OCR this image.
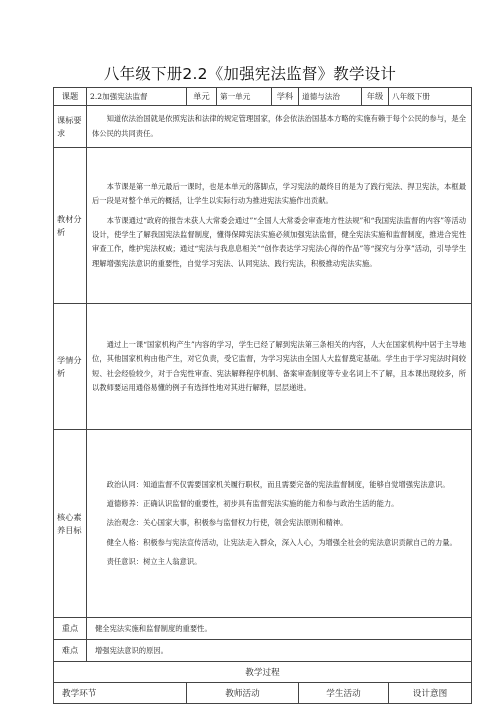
八年级下册2.2《加强宪法监督》教学设计
课题	2.2加强宪法监督	单元	第一单元	学科	道德与法治	年级	八年级下册
课标要求	知道依法治国就是依照宪法和法律的规定管理国家，体会依法治国基本方略的实施有赖于每个公民的参与，是全体公民的共同责任。						

教材分析	本节课是第一单元最后一课时，也是本单元的落脚点，学习宪法的最终目的是为了践行宪法、捍卫宪法，本框最后一段是对整个单元的概括，让学生以实际行动为推进宪法实施作出贡献。

本节课通过“政府的报告未获人大常委会通过”“全国人大常委会审查地方性法规”和“我国宪法监督的内容”等活动设计，使学生了解我国宪法监督制度，懂得保障宪法实施必须加强宪法监督，健全宪法实施和监督制度，推进合宪性审查工作，维护宪法权威；通过“宪法与我息息相关”“创作表达学习宪法心得的作品”等“探究与分享”活动，引导学生理解增强宪法意识的重要性，自觉学习宪法、认同宪法、践行宪法，积极推动宪法实施。						

学情分析	通过上一课“国家机构产生”内容的学习，学生已经了解到宪法第三条相关的内容，人大在国家机构中居于主导地位，其他国家机构由他产生，对它负责，受它监督，为学习宪法由全国人大监督奠定基础。学生由于学习宪法时间较短、社会经验较少，对于合宪性审查、宪法解释程序机制、备案审查制度等专业名词上不了解，且本课出现较多，所以教师要运用通俗易懂的例子有选择性地对其进行解释，层层递进。						

核心素养目标	政治认同：知道监督不仅需要国家机关履行职权，而且需要完备的宪法监督制度，能够自觉增强宪法意识。

道德修养：正确认识监督的重要性，初步具有监督宪法实施的能力和参与政治生活的能力。

法治观念：关心国家大事，积极参与监督权力行使，领会宪法原则和精神。

健全人格：积极参与宪法宣传活动，让宪法走入群众，深入人心，为增强全社会的宪法意识贡献自己的力量。

责任意识：树立主人翁意识。						

重点	健全宪法实施和监督制度的重要性。						
难点	增强宪法意识的原因。						
教学过程							
教学环节		教师活动			学生活动		设计意图
